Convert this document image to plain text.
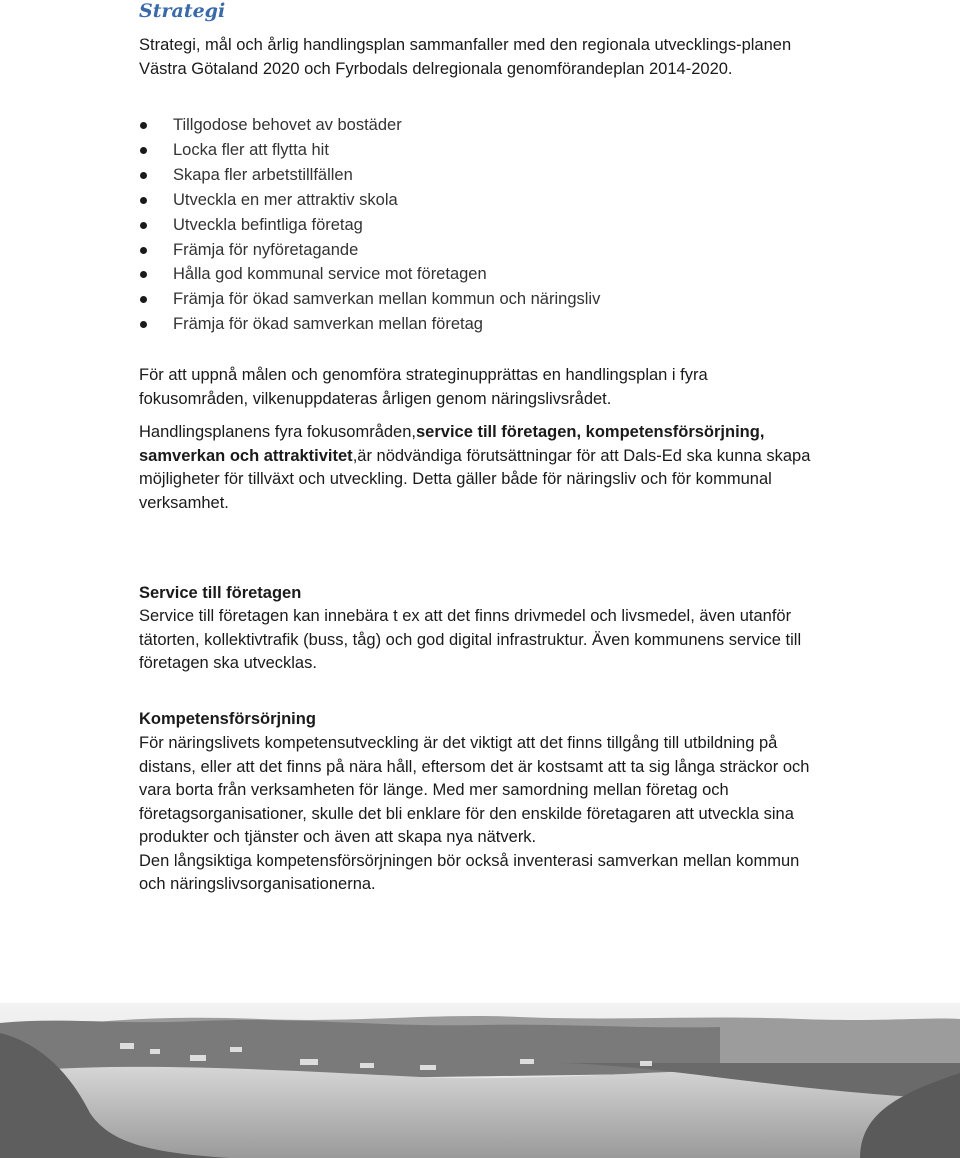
Strategi

Strategi, mål och årlig handlingsplan sammanfaller med den regionala utvecklings-planen Västra Götaland 2020 och Fyrbodals delregionala genomförandeplan 2014-2020.

Tillgodose behovet av bostäder
Locka fler att flytta hit
Skapa fler arbetstillfällen
Utveckla en mer attraktiv skola
Utveckla befintliga företag
Främja för nyföretagande
Hålla god kommunal service mot företagen
Främja för ökad samverkan mellan kommun och näringsliv
Främja för ökad samverkan mellan företag

För att uppnå målen och genomföra strateginupprättas en handlingsplan i fyra fokusområden, vilkenuppdateras årligen genom näringslivsrådet.

Handlingsplanens fyra fokusområden,service till företagen, kompetensförsörjning, samverkan och attraktivitet,är nödvändiga förutsättningar för att Dals-Ed ska kunna skapa möjligheter för tillväxt och utveckling. Detta gäller både för näringsliv och för kommunal verksamhet.

Service till företagen

Service till företagen kan innebära t ex att det finns drivmedel och livsmedel, även utanför tätorten, kollektivtrafik (buss, tåg) och god digital infrastruktur. Även kommunens service till företagen ska utvecklas.

Kompetensförsörjning

För näringslivets kompetensutveckling är det viktigt att det finns tillgång till utbildning på distans, eller att det finns på nära håll, eftersom det är kostsamt att ta sig långa sträckor och vara borta från verksamheten för länge. Med mer samordning mellan företag och företagsorganisationer, skulle det bli enklare för den enskilde företagaren att utveckla sina produkter och tjänster och även att skapa nya nätverk.
Den långsiktiga kompetensförsörjningen bör också inventerasi samverkan mellan kommun och näringslivsorganisationerna.
